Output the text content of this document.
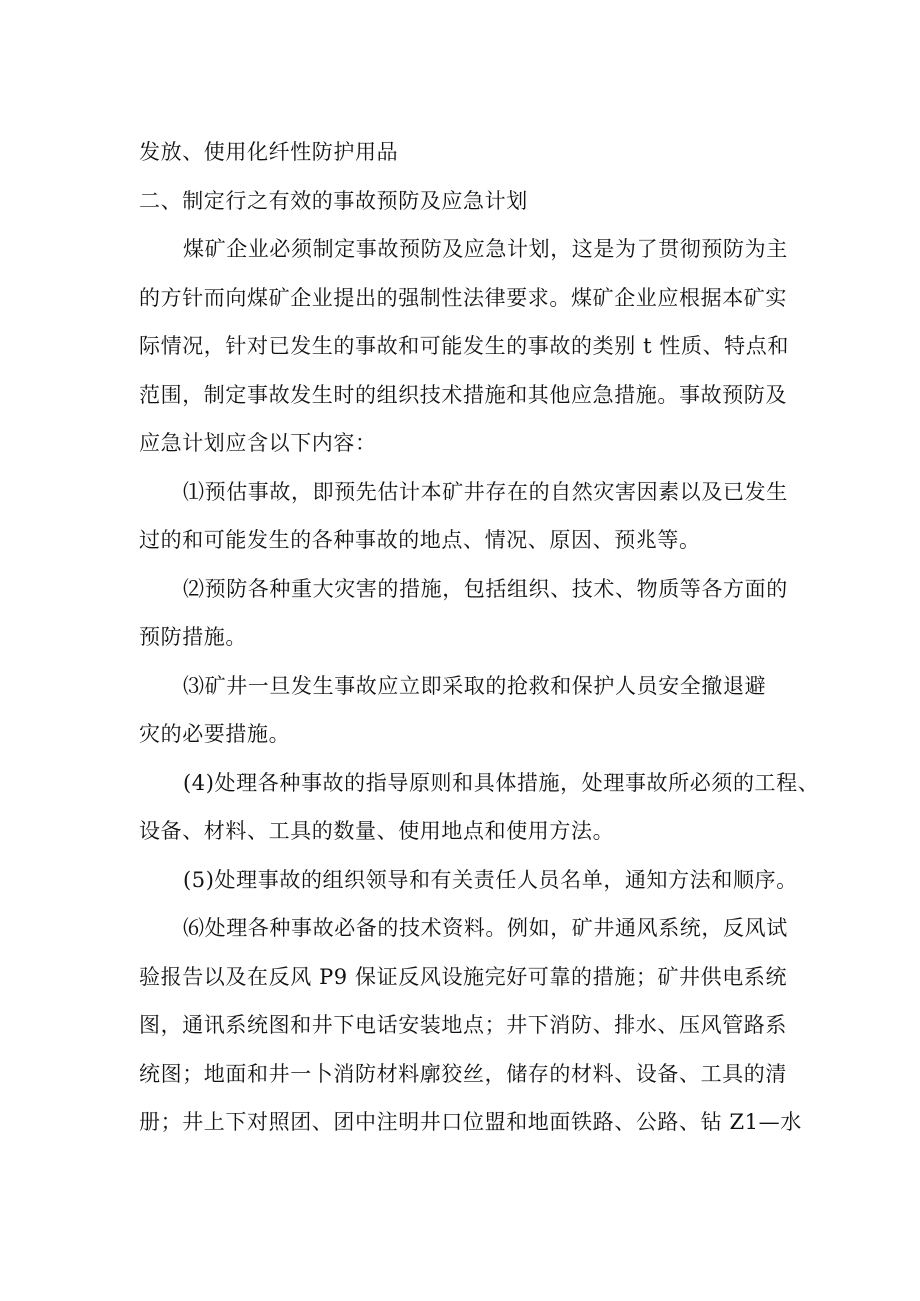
发放、使用化纤性防护用品
二、制定行之有效的事故预防及应急计划
煤矿企业必须制定事故预防及应急计划，这是为了贯彻预防为主
的方针而向煤矿企业提出的强制性法律要求。煤矿企业应根据本矿实
际情况，针对已发生的事故和可能发生的事故的类别 t 性质、特点和
范围，制定事故发生时的组织技术措施和其他应急措施。事故预防及
应急计划应含以下内容：
⑴预估事故，即预先估计本矿井存在的自然灾害因素以及已发生
过的和可能发生的各种事故的地点、情况、原因、预兆等。
⑵预防各种重大灾害的措施，包括组织、技术、物质等各方面的
预防措施。
⑶矿井一旦发生事故应立即采取的抢救和保护人员安全撤退避
灾的必要措施。
(4)处理各种事故的指导原则和具体措施，处理事故所必须的工程、
设备、材料、工具的数量、使用地点和使用方法。
(5)处理事故的组织领导和有关责任人员名单，通知方法和顺序。
⑹处理各种事故必备的技术资料。例如，矿井通风系统，反风试
验报告以及在反风 P9 保证反风设施完好可靠的措施；矿井供电系统
图，通讯系统图和井下电话安装地点；井下消防、排水、压风管路系
统图；地面和井一卜消防材料廓狡丝，储存的材料、设备、工具的清
册；井上下对照团、团中注明井口位盟和地面铁路、公路、钻 Z1—水
